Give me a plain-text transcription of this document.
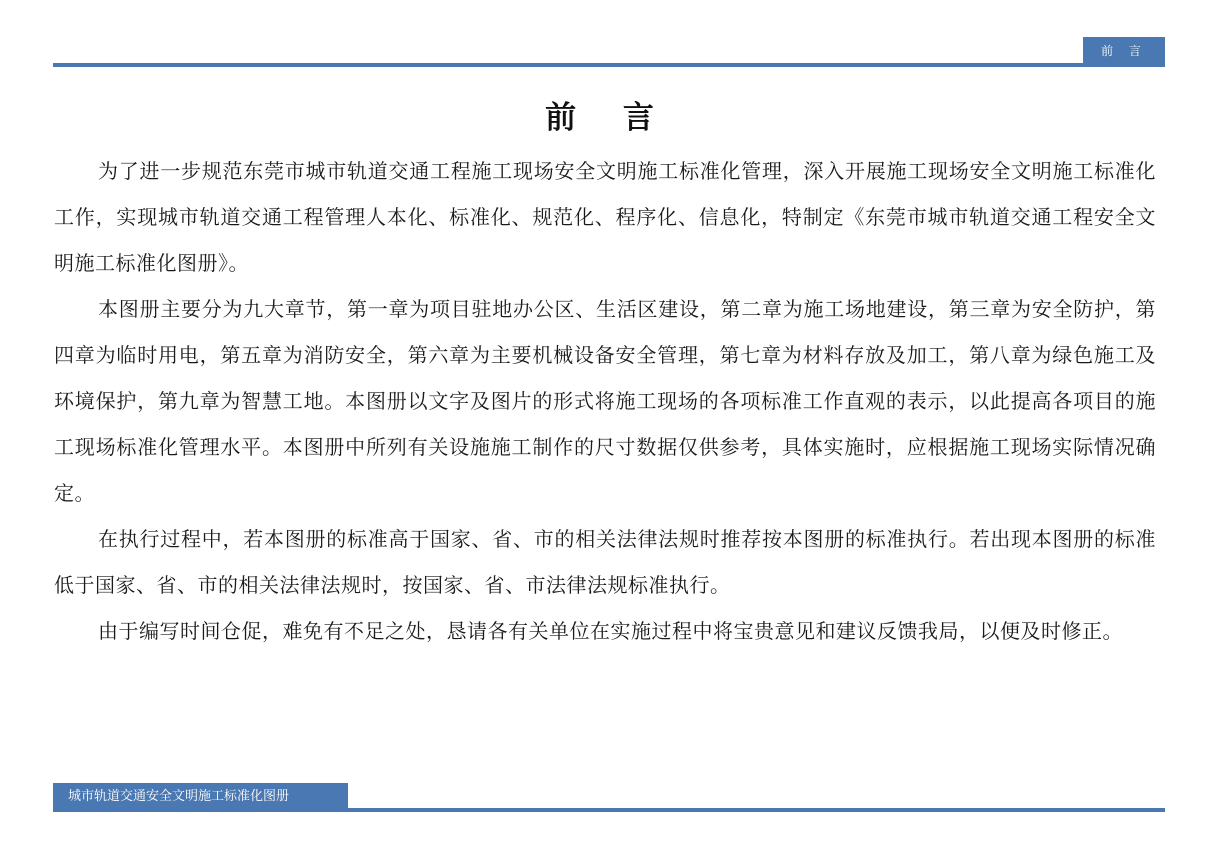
前 言
前 言

为了进一步规范东莞市城市轨道交通工程施工现场安全文明施工标准化管理，深入开展施工现场安全文明施工标准化工作，实现城市轨道交通工程管理人本化、标准化、规范化、程序化、信息化，特制定《东莞市城市轨道交通工程安全文明施工标准化图册》。

本图册主要分为九大章节，第一章为项目驻地办公区、生活区建设，第二章为施工场地建设，第三章为安全防护，第四章为临时用电，第五章为消防安全，第六章为主要机械设备安全管理，第七章为材料存放及加工，第八章为绿色施工及环境保护，第九章为智慧工地。本图册以文字及图片的形式将施工现场的各项标准工作直观的表示，以此提高各项目的施工现场标准化管理水平。本图册中所列有关设施施工制作的尺寸数据仅供参考，具体实施时，应根据施工现场实际情况确定。

在执行过程中，若本图册的标准高于国家、省、市的相关法律法规时推荐按本图册的标准执行。若出现本图册的标准低于国家、省、市的相关法律法规时，按国家、省、市法律法规标准执行。

由于编写时间仓促，难免有不足之处，恳请各有关单位在实施过程中将宝贵意见和建议反馈我局，以便及时修正。

城市轨道交通安全文明施工标准化图册
